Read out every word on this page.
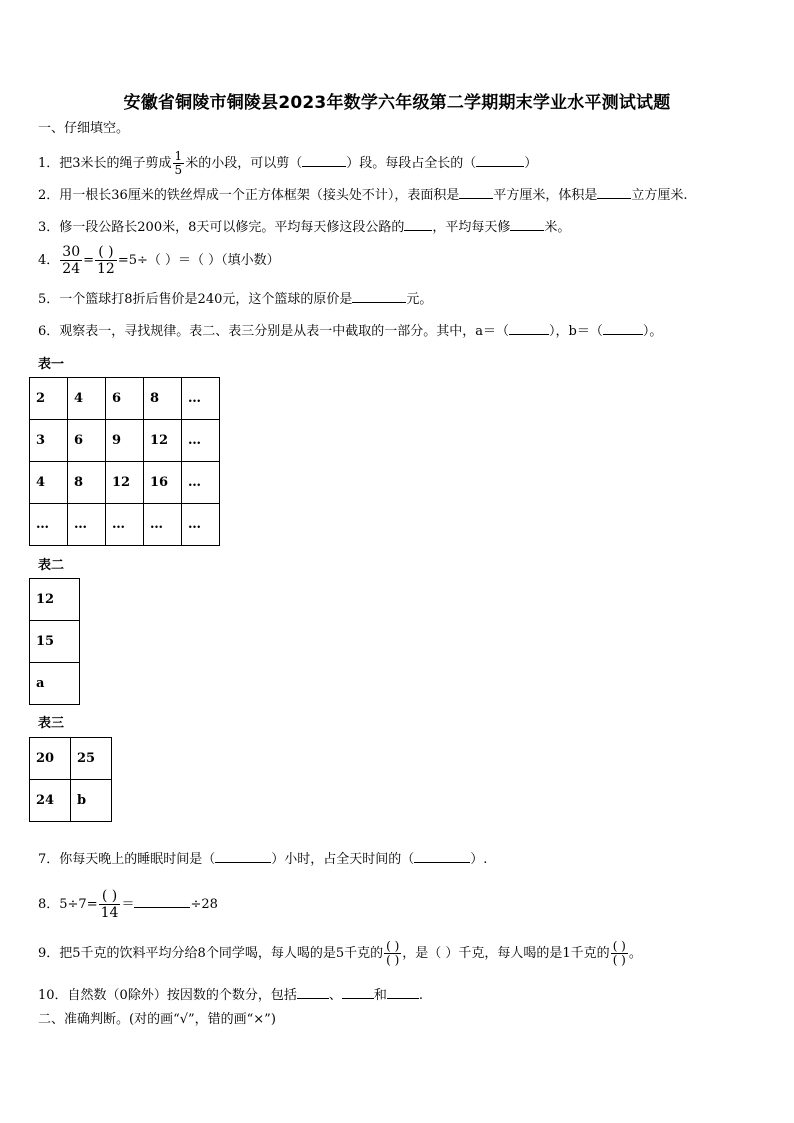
安徽省铜陵市铜陵县2023年数学六年级第二学期期末学业水平测试试题
一、仔细填空。
1．把3米长的绳子剪成 $\frac{1}{5}$ 米的小段，可以剪（	）段。每段占全长的（	）
2．用一根长36厘米的铁丝焊成一个正方体框架（接头处不计），表面积是	平方厘米，体积是	立方厘米.
3．修一段公路长200米，8天可以修完。平均每天修这段公路的 ，平均每天修	米。
4． $\frac{30}{24} = \frac{( )}{12} =5\div$（ ）＝（ ）（填小数）
5．一个篮球打8折后售价是240元，这个篮球的原价是	元。
6．观察表一，寻找规律。表二、表三分别是从表一中截取的一部分。其中，a＝（	），b＝（	）。
表一
2	4	6	8	…
3	6	9	12	…
4	8	12	16	…
…	…	…	…	…
表二
12
15
a
表三
20	25
24	b
7．你每天晚上的睡眠时间是（	）小时，占全天时间的（	）.
8．$5\div 7= \frac{( )}{14}$ ＝	÷28
9．把5千克的饮料平均分给8个同学喝，每人喝的是5千克的 $\frac{( )}{( )}$ ，是（ ）千克，每人喝的是1千克的 $\frac{( )}{( )}$ 。
10．自然数（0除外）按因数的个数分，包括 、 和 .
二、准确判断。(对的画“√”，错的画“×”)
